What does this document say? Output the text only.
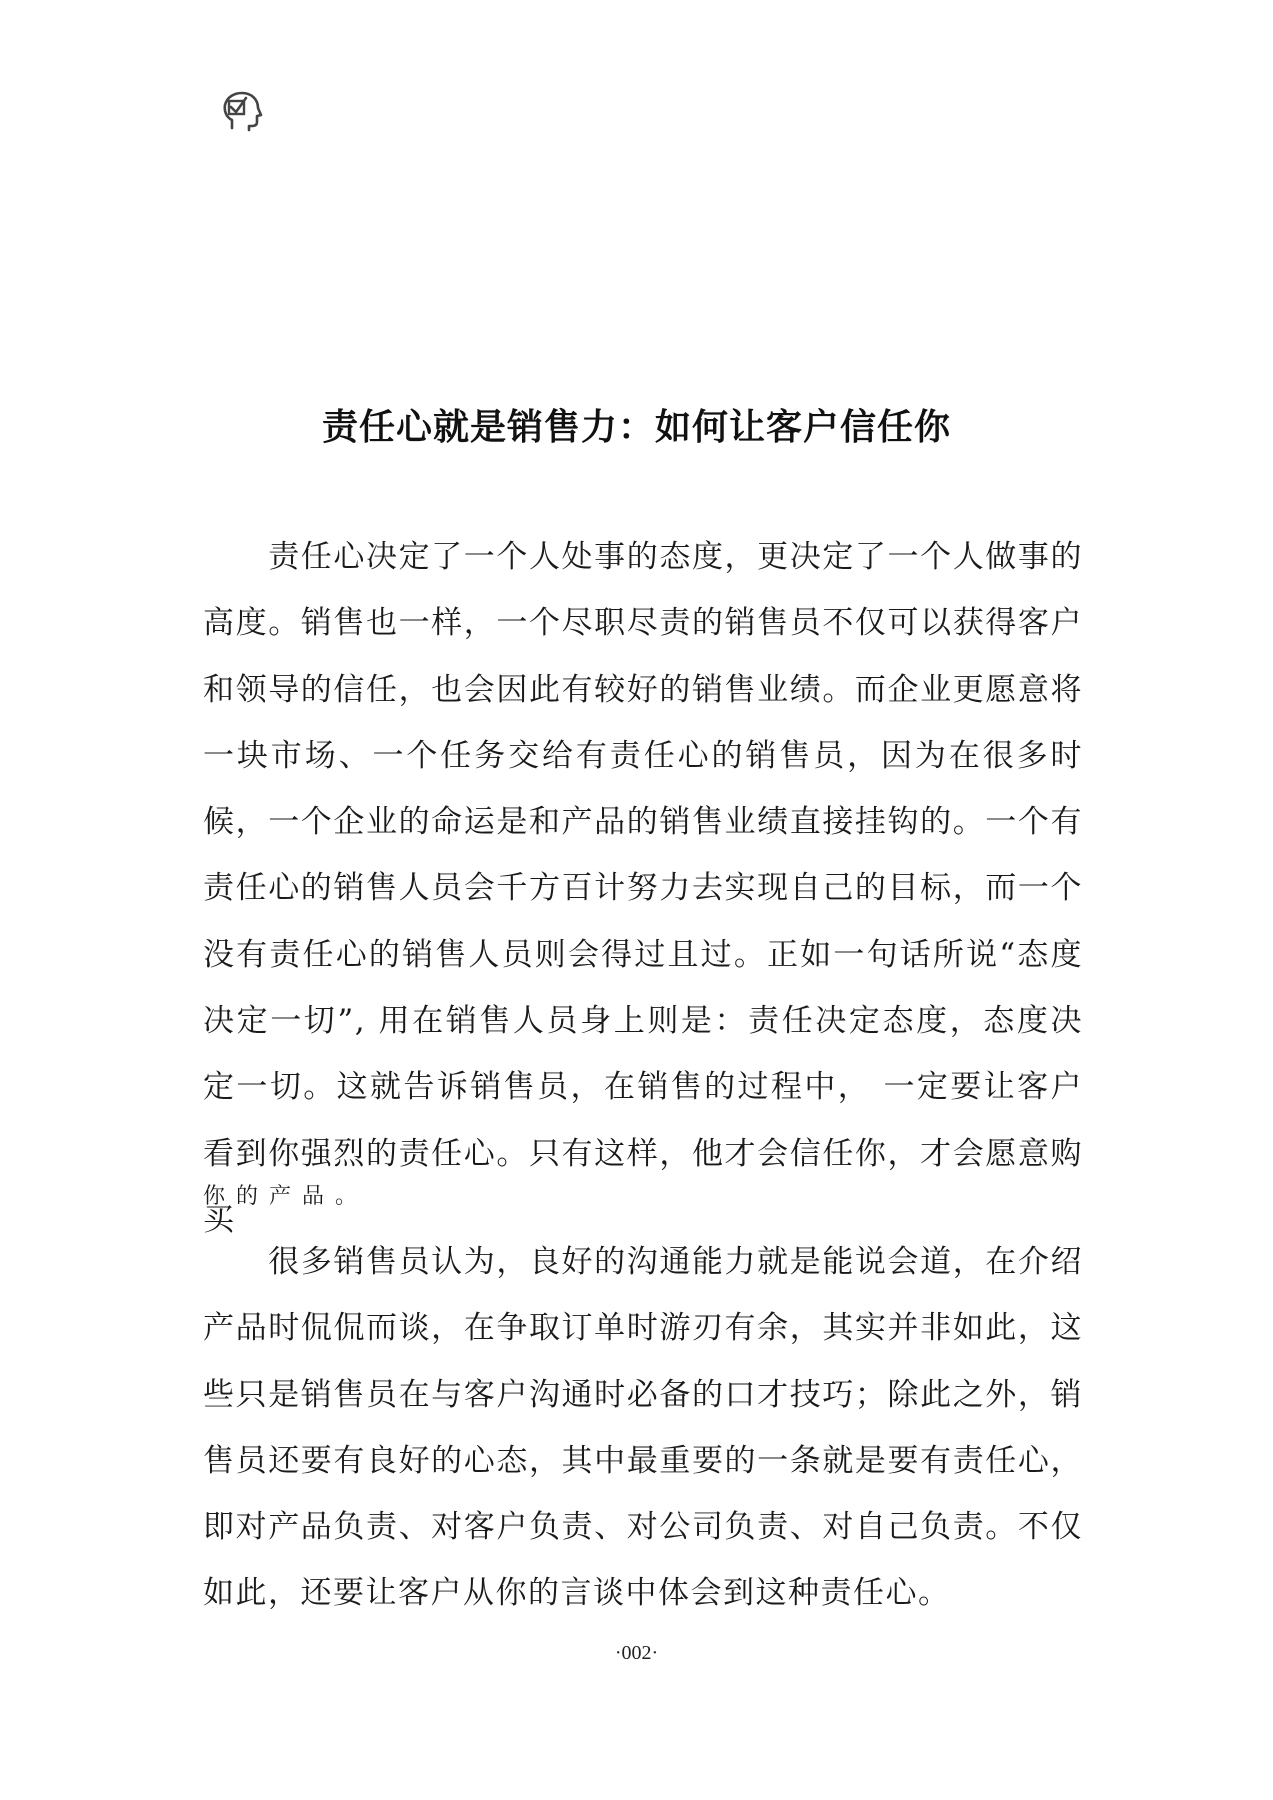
责任心就是销售力：如何让客户信任你

　　责任心决定了一个人处事的态度，更决定了一个人做事的高度。销售也一样，一个尽职尽责的销售员不仅可以获得客户和领导的信任，也会因此有较好的销售业绩。而企业更愿意将一块市场、一个任务交给有责任心的销售员，因为在很多时候，一个企业的命运是和产品的销售业绩直接挂钩的。一个有责任心的销售人员会千方百计努力去实现自己的目标，而一个没有责任心的销售人员则会得过且过。正如一句话所说“态度决定一切”, 用在销售人员身上则是：责任决定态度，态度决定一切。这就告诉销售员，在销售的过程中， 一定要让客户看到你强烈的责任心。只有这样，他才会信任你，才会愿意购买

你的产品。

　　很多销售员认为，良好的沟通能力就是能说会道，在介绍产品时侃侃而谈，在争取订单时游刃有余，其实并非如此，这些只是销售员在与客户沟通时必备的口才技巧；除此之外，销售员还要有良好的心态，其中最重要的一条就是要有责任心，即对产品负责、对客户负责、对公司负责、对自己负责。不仅如此，还要让客户从你的言谈中体会到这种责任心。

·002·
